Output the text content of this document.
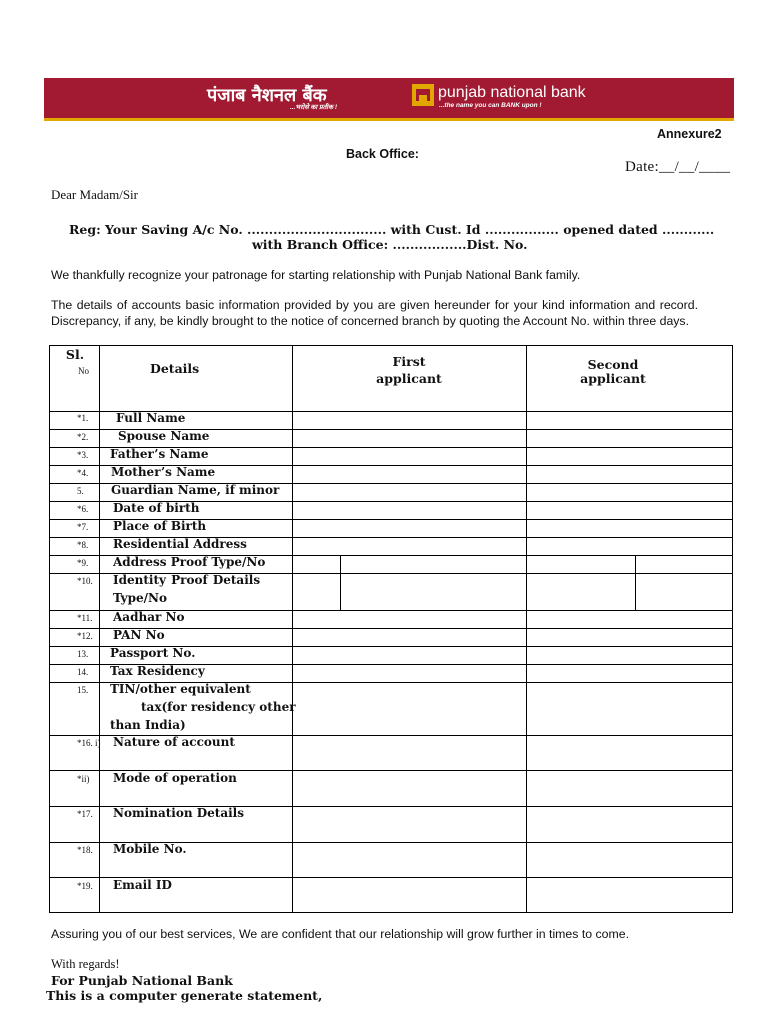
पंजाब नैशनल बैंक
...भरोसे का प्रतीक !
punjab national bank
...the name you can BANK upon !
Annexure2
Back Office:
Date:__/__/____
Dear Madam/Sir
Reg: Your Saving A/c No. ................................ with Cust. Id ................. opened dated ............
with Branch Office: .................Dist. No.
We thankfully recognize your patronage for starting relationship with Punjab National Bank family.
The details of accounts basic information provided by you are given hereunder for your kind information and record. Discrepancy, if any, be kindly brought to the notice of concerned branch by quoting the Account No. within three days.
Sl.
No	Details	First
applicant
Second
applicant
*1. Full Name
*2. Spouse Name
*3. Father’s Name
*4. Mother’s Name
5. Guardian Name, if minor
*6. Date of birth
*7. Place of Birth
*8. Residential Address
*9. Address Proof Type/No
*10. Identity Proof Details
Type/No
*11. Aadhar No
*12. PAN No
13. Passport No.
14. Tax Residency
15. TIN/other equivalent
tax(for residency other
than India)
*16. i) Nature of account
*ii) Mode of operation
*17. Nomination Details
*18. Mobile No.
*19. Email ID
Assuring you of our best services, We are confident that our relationship will grow further in times to come.
With regards!
For Punjab National Bank
This is a computer generate statement,
